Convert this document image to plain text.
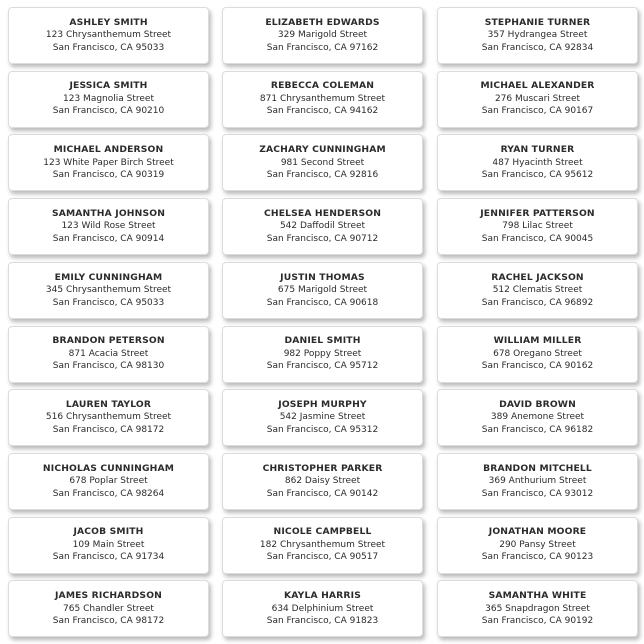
ASHLEY SMITH
123 Chrysanthemum Street
San Francisco, CA 95033
ELIZABETH EDWARDS
329 Marigold Street
San Francisco, CA 97162
STEPHANIE TURNER
357 Hydrangea Street
San Francisco, CA 92834
JESSICA SMITH
123 Magnolia Street
San Francisco, CA 90210
REBECCA COLEMAN
871 Chrysanthemum Street
San Francisco, CA 94162
MICHAEL ALEXANDER
276 Muscari Street
San Francisco, CA 90167
MICHAEL ANDERSON
123 White Paper Birch Street
San Francisco, CA 90319
ZACHARY CUNNINGHAM
981 Second Street
San Francisco, CA 92816
RYAN TURNER
487 Hyacinth Street
San Francisco, CA 95612
SAMANTHA JOHNSON
123 Wild Rose Street
San Francisco, CA 90914
CHELSEA HENDERSON
542 Daffodil Street
San Francisco, CA 90712
JENNIFER PATTERSON
798 Lilac Street
San Francisco, CA 90045
EMILY CUNNINGHAM
345 Chrysanthemum Street
San Francisco, CA 95033
JUSTIN THOMAS
675 Marigold Street
San Francisco, CA 90618
RACHEL JACKSON
512 Clematis Street
San Francisco, CA 96892
BRANDON PETERSON
871 Acacia Street
San Francisco, CA 98130
DANIEL SMITH
982 Poppy Street
San Francisco, CA 95712
WILLIAM MILLER
678 Oregano Street
San Francisco, CA 90162
LAUREN TAYLOR
516 Chrysanthemum Street
San Francisco, CA 98172
JOSEPH MURPHY
542 Jasmine Street
San Francisco, CA 95312
DAVID BROWN
389 Anemone Street
San Francisco, CA 96182
NICHOLAS CUNNINGHAM
678 Poplar Street
San Francisco, CA 98264
CHRISTOPHER PARKER
862 Daisy Street
San Francisco, CA 90142
BRANDON MITCHELL
369 Anthurium Street
San Francisco, CA 93012
JACOB SMITH
109 Main Street
San Francisco, CA 91734
NICOLE CAMPBELL
182 Chrysanthemum Street
San Francisco, CA 90517
JONATHAN MOORE
290 Pansy Street
San Francisco, CA 90123
JAMES RICHARDSON
765 Chandler Street
San Francisco, CA 98172
KAYLA HARRIS
634 Delphinium Street
San Francisco, CA 91823
SAMANTHA WHITE
365 Snapdragon Street
San Francisco, CA 90192
